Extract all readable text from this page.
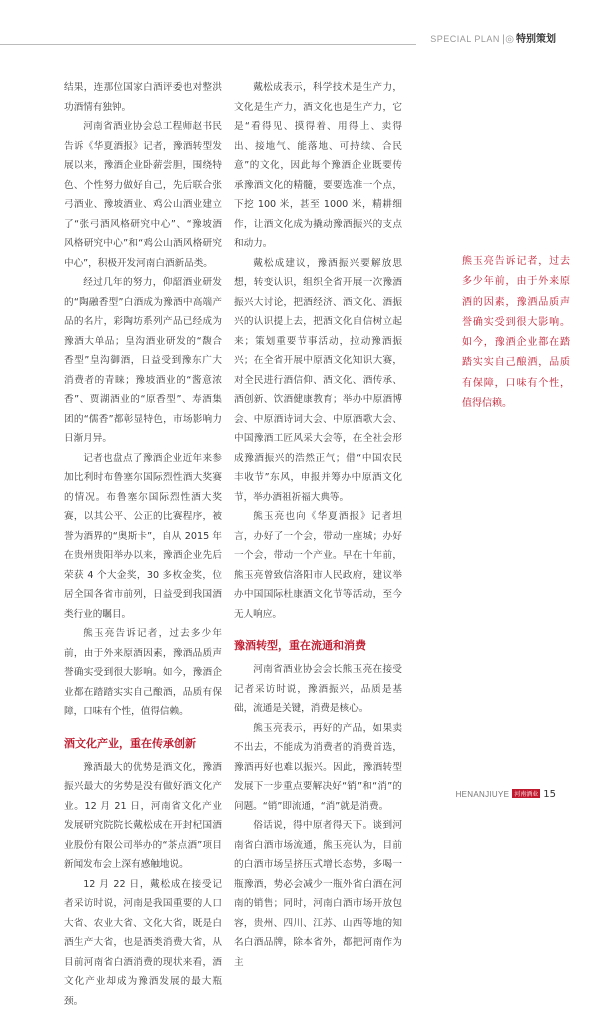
SPECIAL PLAN |◎ 特别策划

结果，连那位国家白酒评委也对整洪功酒情有独钟。

河南省酒业协会总工程师赵书民告诉《华夏酒报》记者，豫酒转型发展以来，豫酒企业卧薪尝胆，围绕特色、个性努力做好自己，先后联合张弓酒业、豫坡酒业、鸡公山酒业建立了“张弓酒风格研究中心”、“豫坡酒风格研究中心”和“鸡公山酒风格研究中心”，积极开发河南白酒新品类。

经过几年的努力，仰韶酒业研发的“陶融香型”白酒成为豫酒中高端产品的名片，彩陶坊系列产品已经成为豫酒大单品；皇沟酒业研发的“馥合香型”皇沟御酒，日益受到豫东广大消费者的青睐；豫坡酒业的“酱意浓香”、贾湖酒业的“原香型”、寿酒集团的“儒香”都彰显特色，市场影响力日渐月异。

记者也盘点了豫酒企业近年来参加比利时布鲁塞尔国际烈性酒大奖赛的情况。布鲁塞尔国际烈性酒大奖赛，以其公平、公正的比赛程序，被誉为酒界的“奥斯卡”，自从 2015 年在贵州贵阳举办以来，豫酒企业先后荣获 4 个大金奖，30 多枚金奖，位居全国各省市前列，日益受到我国酒类行业的瞩目。

熊玉亮告诉记者，过去多少年前，由于外来原酒因素，豫酒品质声誉确实受到很大影响。如今，豫酒企业都在踏踏实实自己酿酒，品质有保障，口味有个性，值得信赖。

酒文化产业，重在传承创新

豫酒最大的优势是酒文化，豫酒振兴最大的劣势是没有做好酒文化产业。12 月 21 日，河南省文化产业发展研究院院长戴松成在开封杞国酒业股份有限公司举办的“茶点酒”项目新闻发布会上深有感触地说。

12 月 22 日，戴松成在接受记者采访时说，河南是我国重要的人口大省、农业大省、文化大省，既是白酒生产大省，也是酒类消费大省，从目前河南省白酒消费的现状来看，酒文化产业却成为豫酒发展的最大瓶颈。

戴松成表示，科学技术是生产力，文化是生产力，酒文化也是生产力，它是“看得见、摸得着、用得上、卖得出、接地气、能落地、可持续、合民意”的文化，因此每个豫酒企业既要传承豫酒文化的精髓，要要选准一个点，下挖 100 米，甚至 1000 米，精耕细作，让酒文化成为撬动豫酒振兴的支点和动力。

戴松成建议，豫酒振兴要解放思想，转变认识，组织全省开展一次豫酒振兴大讨论，把酒经济、酒文化、酒振兴的认识提上去，把酒文化自信树立起来；策划重要节事活动，拉动豫酒振兴；在全省开展中原酒文化知识大赛，对全民进行酒信仰、酒文化、酒传承、酒创新、饮酒健康教育；举办中原酒博会、中原酒诗词大会、中原酒歌大会、中国豫酒工匠风采大会等，在全社会形成豫酒振兴的浩然正气；借“中国农民丰收节”东风，申报并筹办中原酒文化节，举办酒祖祈福大典等。

熊玉亮也向《华夏酒报》记者坦言，办好了一个会，带动一座城；办好一个会，带动一个产业。早在十年前，熊玉亮曾致信洛阳市人民政府，建议举办中国国际杜康酒文化节等活动，至今无人响应。

豫酒转型，重在流通和消费

河南省酒业协会会长熊玉亮在接受记者采访时说，豫酒振兴，品质是基础，流通是关键，消费是核心。

熊玉亮表示，再好的产品，如果卖不出去，不能成为消费者的消费首选，豫酒再好也难以振兴。因此，豫酒转型发展下一步重点要解决好“销”和“消”的问题。“销”即流通，“消”就是消费。

俗话说，得中原者得天下。谈到河南省白酒市场流通，熊玉亮认为，目前的白酒市场呈挤压式增长态势，多喝一瓶豫酒，势必会减少一瓶外省白酒在河南的销售；同时，河南白酒市场开放包容，贵州、四川、江苏、山西等地的知名白酒品牌，除本省外，都把河南作为主

熊玉亮告诉记者，过去多少年前，由于外来原酒的因素，豫酒品质声誉确实受到很大影响。如今，豫酒企业都在踏踏实实自己酿酒，品质有保障，口味有个性，值得信赖。
HENANJIUYE 河南酒业 15
